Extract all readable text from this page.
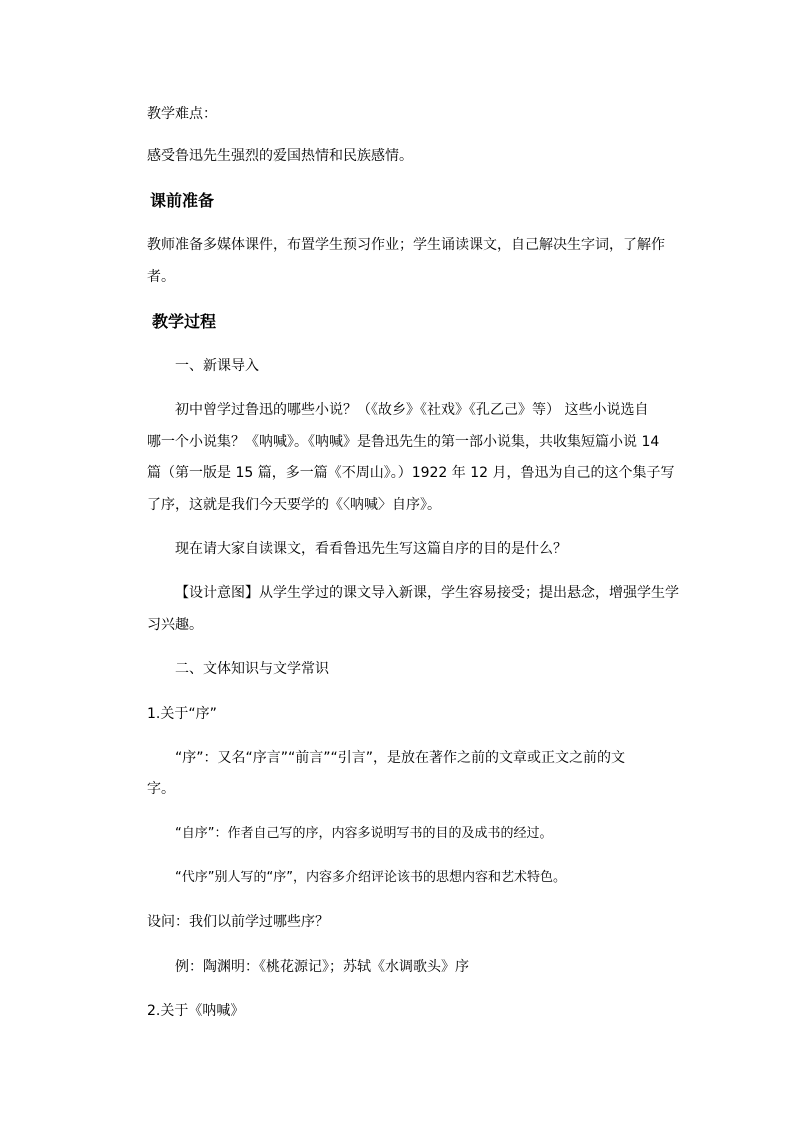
教学难点：
感受鲁迅先生强烈的爱国热情和民族感情。
课前准备
教师准备多媒体课件，布置学生预习作业；学生诵读课文，自己解决生字词，了解作
者。
教学过程
一、新课导入
初中曾学过鲁迅的哪些小说？（《故乡》《社戏》《孔乙己》等） 这些小说选自
哪一个小说集？《呐喊》。《呐喊》是鲁迅先生的第一部小说集，共收集短篇小说 14
篇（第一版是 15 篇，多一篇《不周山》。）1922 年 12 月，鲁迅为自己的这个集子写
了序，这就是我们今天要学的《〈呐喊〉自序》。
现在请大家自读课文，看看鲁迅先生写这篇自序的目的是什么？
【设计意图】从学生学过的课文导入新课，学生容易接受；提出悬念，增强学生学
习兴趣。
二、文体知识与文学常识
1.关于“序”
“序”：又名“序言”“前言”“引言”，是放在著作之前的文章或正文之前的文
字。
“自序”：作者自己写的序，内容多说明写书的目的及成书的经过。
“代序”别人写的“序”，内容多介绍评论该书的思想内容和艺术特色。
设问：我们以前学过哪些序？
例：陶渊明：《桃花源记》；苏轼《水调歌头》序
2.关于《呐喊》
